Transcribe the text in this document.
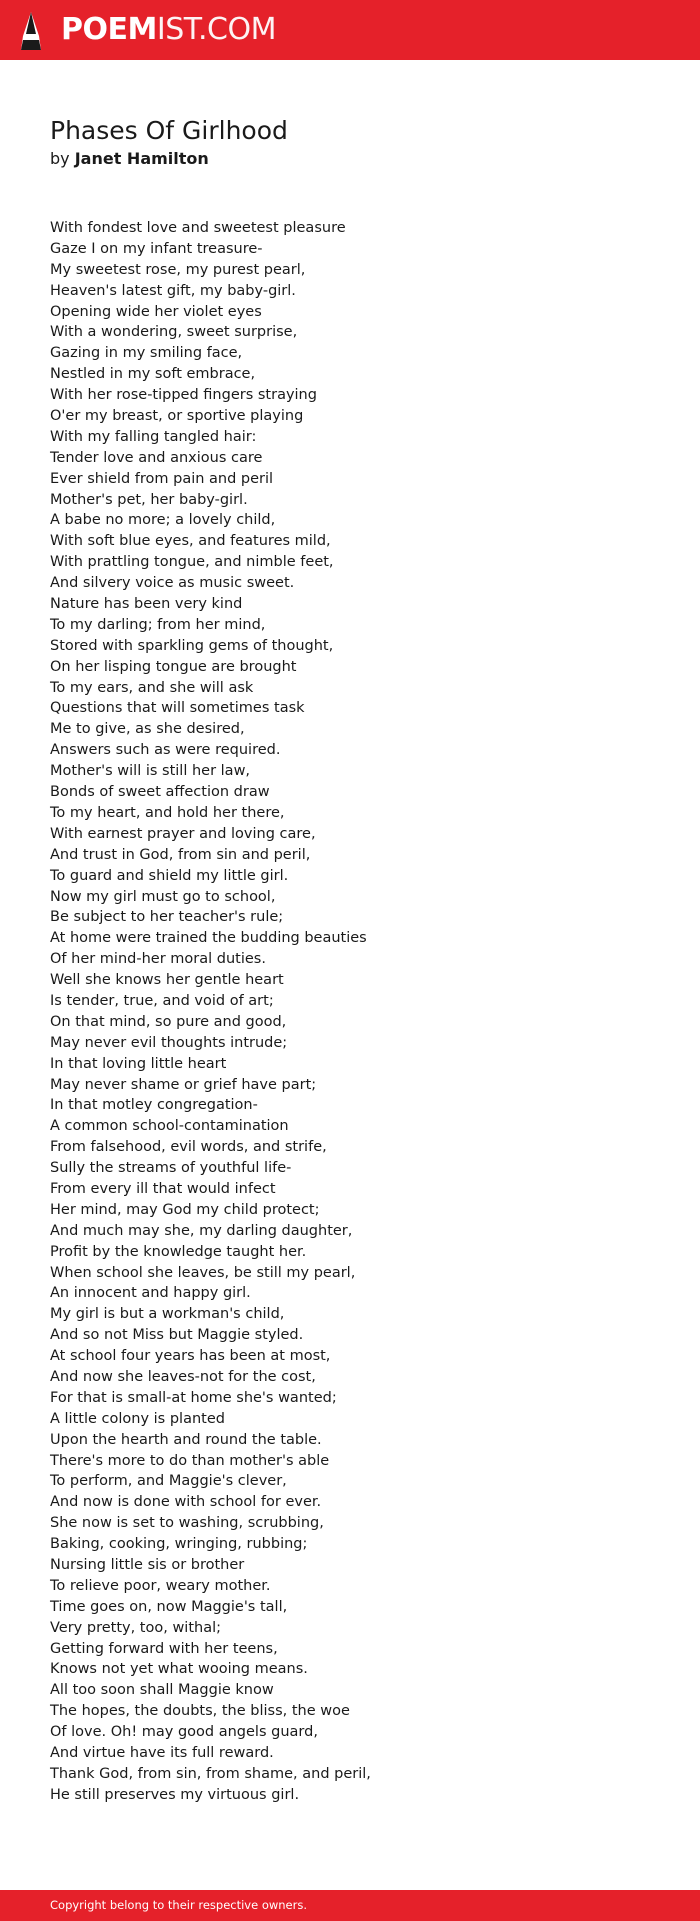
POEMIST.COM
Phases Of Girlhood
by Janet Hamilton
With fondest love and sweetest pleasure
Gaze I on my infant treasure-
My sweetest rose, my purest pearl,
Heaven's latest gift, my baby-girl.
Opening wide her violet eyes
With a wondering, sweet surprise,
Gazing in my smiling face,
Nestled in my soft embrace,
With her rose-tipped fingers straying
O'er my breast, or sportive playing
With my falling tangled hair:
Tender love and anxious care
Ever shield from pain and peril
Mother's pet, her baby-girl.
A babe no more; a lovely child,
With soft blue eyes, and features mild,
With prattling tongue, and nimble feet,
And silvery voice as music sweet.
Nature has been very kind
To my darling; from her mind,
Stored with sparkling gems of thought,
On her lisping tongue are brought
To my ears, and she will ask
Questions that will sometimes task
Me to give, as she desired,
Answers such as were required.
Mother's will is still her law,
Bonds of sweet affection draw
To my heart, and hold her there,
With earnest prayer and loving care,
And trust in God, from sin and peril,
To guard and shield my little girl.
Now my girl must go to school,
Be subject to her teacher's rule;
At home were trained the budding beauties
Of her mind-her moral duties.
Well she knows her gentle heart
Is tender, true, and void of art;
On that mind, so pure and good,
May never evil thoughts intrude;
In that loving little heart
May never shame or grief have part;
In that motley congregation-
A common school-contamination
From falsehood, evil words, and strife,
Sully the streams of youthful life-
From every ill that would infect
Her mind, may God my child protect;
And much may she, my darling daughter,
Profit by the knowledge taught her.
When school she leaves, be still my pearl,
An innocent and happy girl.
My girl is but a workman's child,
And so not Miss but Maggie styled.
At school four years has been at most,
And now she leaves-not for the cost,
For that is small-at home she's wanted;
A little colony is planted
Upon the hearth and round the table.
There's more to do than mother's able
To perform, and Maggie's clever,
And now is done with school for ever.
She now is set to washing, scrubbing,
Baking, cooking, wringing, rubbing;
Nursing little sis or brother
To relieve poor, weary mother.
Time goes on, now Maggie's tall,
Very pretty, too, withal;
Getting forward with her teens,
Knows not yet what wooing means.
All too soon shall Maggie know
The hopes, the doubts, the bliss, the woe
Of love. Oh! may good angels guard,
And virtue have its full reward.
Thank God, from sin, from shame, and peril,
He still preserves my virtuous girl.
Copyright belong to their respective owners.
